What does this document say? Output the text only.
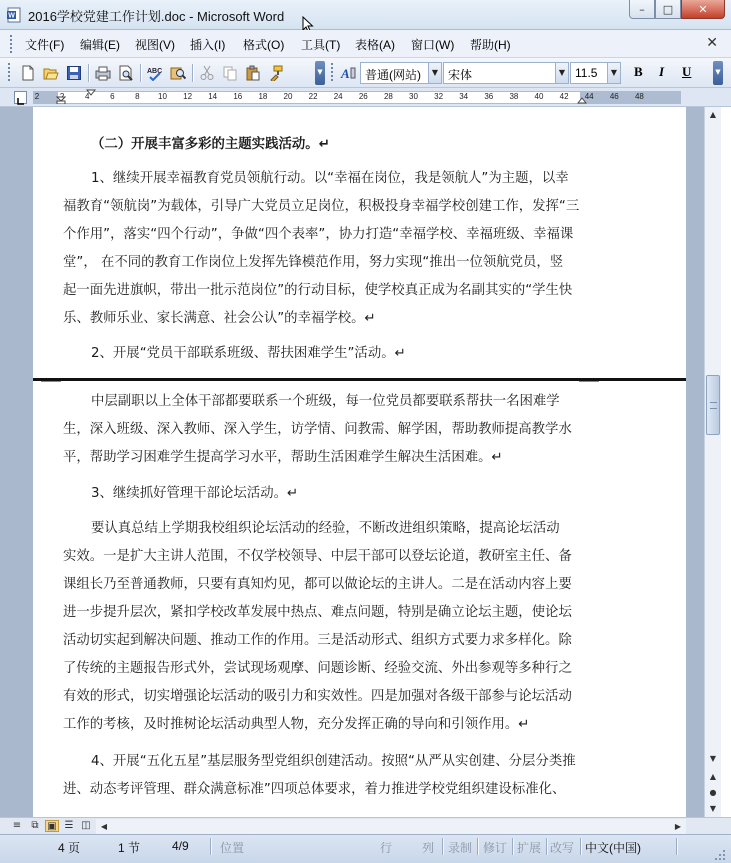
W 2016学校党建工作计划.doc - Microsoft Word	– □ ✕
文件(F) 编辑(E) 视图(V) 插入(I) 格式(O) 工具(T) 表格(A) 窗口(W) 帮助(H)	✕
ABC	▼ A	普通(网站)	▼ 宋体	▼ 11.5	▼	B I U	▼
2	4	6	8 10 12 14 16 18 20 22 24 26 28 30 32 34 36 38 40 42 44 46 48
（二）开展丰富多彩的主题实践活动。↵
1、继续开展幸福教育党员领航行动。以“幸福在岗位，我是领航人”为主题，以幸
福教育“领航岗”为载体，引导广大党员立足岗位，积极投身幸福学校创建工作，发挥“三
个作用”，落实“四个行动”，争做“四个表率”，协力打造“幸福学校、幸福班级、幸福课
堂”， 在不同的教育工作岗位上发挥先锋模范作用，努力实现“推出一位领航党员，竖
起一面先进旗帜，带出一批示范岗位”的行动目标，使学校真正成为名副其实的“学生快
乐、教师乐业、家长满意、社会公认”的幸福学校。↵
2、开展“党员干部联系班级、帮扶困难学生”活动。↵
中层副职以上全体干部都要联系一个班级，每一位党员都要联系帮扶一名困难学
生，深入班级、深入教师、深入学生，访学情、问教需、解学困，帮助教师提高教学水
平，帮助学习困难学生提高学习水平，帮助生活困难学生解决生活困难。↵
3、继续抓好管理干部论坛活动。↵
要认真总结上学期我校组织论坛活动的经验，不断改进组织策略，提高论坛活动
实效。一是扩大主讲人范围，不仅学校领导、中层干部可以登坛论道，教研室主任、备
课组长乃至普通教师，只要有真知灼见，都可以做论坛的主讲人。二是在活动内容上要
进一步提升层次，紧扣学校改革发展中热点、难点问题，特别是确立论坛主题，使论坛
活动切实起到解决问题、推动工作的作用。三是活动形式、组织方式要力求多样化。除
了传统的主题报告形式外，尝试现场观摩、问题诊断、经验交流、外出参观等多种行之
有效的形式，切实增强论坛活动的吸引力和实效性。四是加强对各级干部参与论坛活动
工作的考核，及时推树论坛活动典型人物，充分发挥正确的导向和引领作用。↵
4、开展“五化五星”基层服务型党组织创建活动。按照“从严从实创建、分层分类推
进、动态考评管理、群众满意标准”四项总体要求，着力推进学校党组织建设标准化、
▲
▼
▲
●
▼
≡	⧉ ▣ ☰ ◫	◀	▶
4 页	1 节	4/9	位置	行 列 录制 修订 扩展 改写 中文(中国)
